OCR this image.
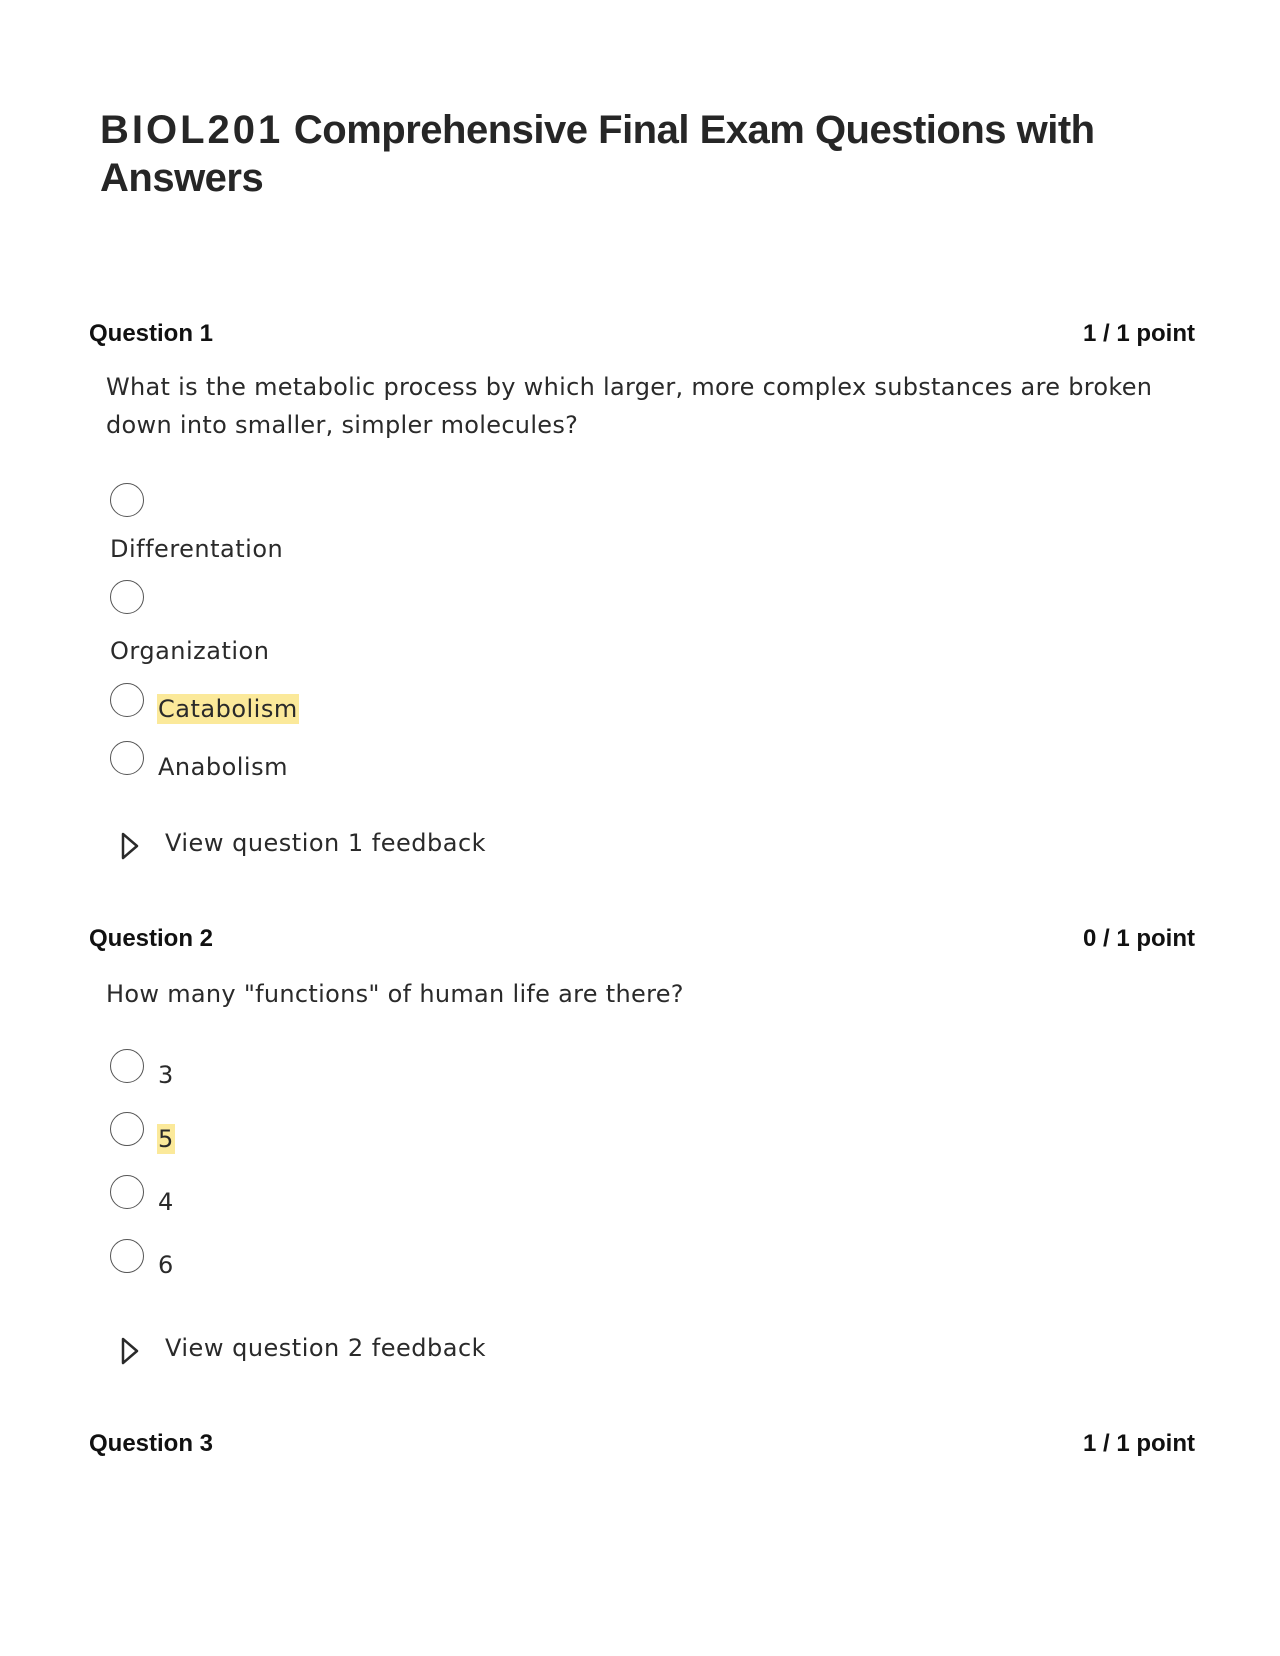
BIOL201 Comprehensive Final Exam Questions with Answers
Question 1	1 / 1 point

What is the metabolic process by which larger, more complex substances are broken down into smaller, simpler molecules?

Differentation
Organization
Catabolism
Anabolism
View question 1 feedback
Question 2	0 / 1 point

How many "functions" of human life are there?

3
5
4
6
View question 2 feedback
Question 3	1 / 1 point
